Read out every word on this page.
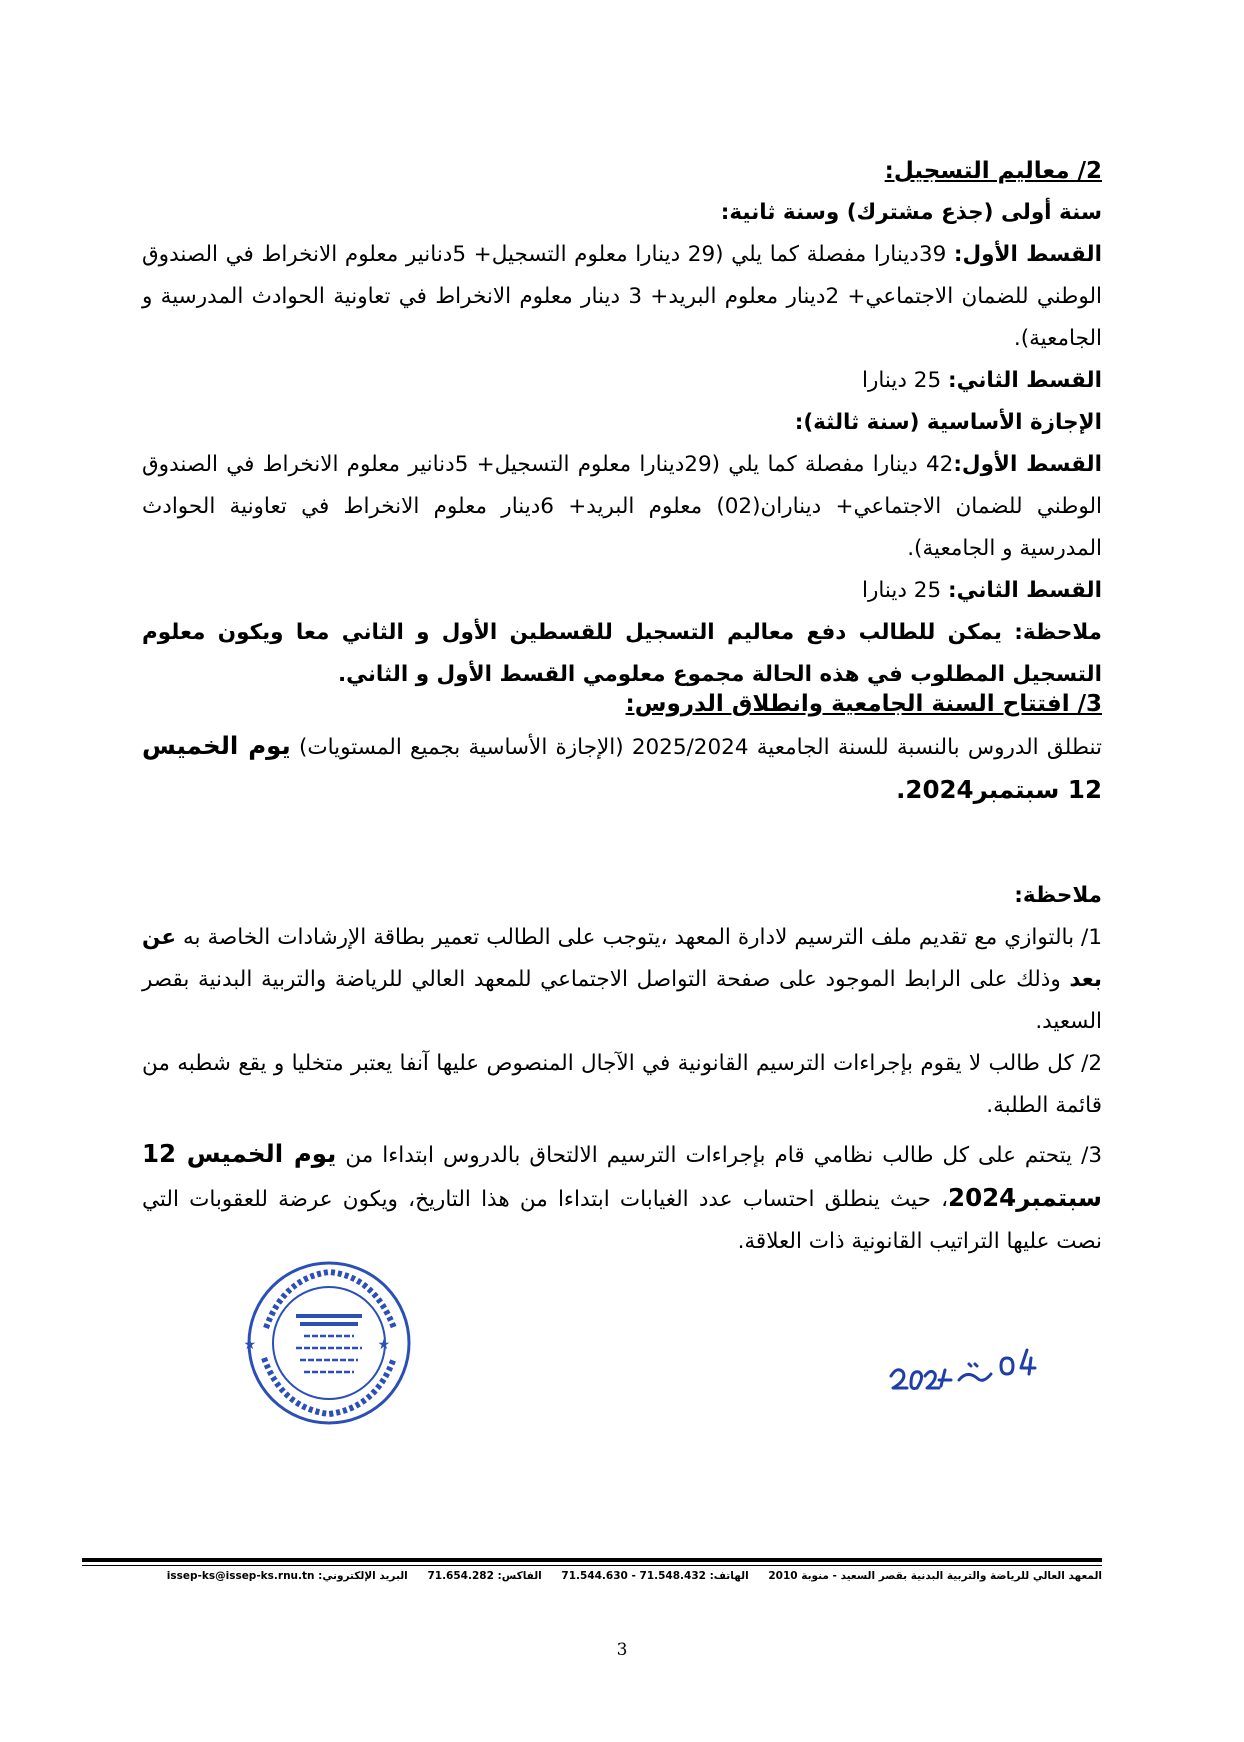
2/ معاليم التسجيل:

سنة أولى (جذع مشترك) وسنة ثانية:

القسط الأول: 39دينارا مفصلة كما يلي (29 دينارا معلوم التسجيل+ 5دنانير معلوم الانخراط في الصندوق الوطني للضمان الاجتماعي+ 2دينار معلوم البريد+ 3 دينار معلوم الانخراط في تعاونية الحوادث المدرسية و الجامعية).

القسط الثاني: 25 دينارا

الإجازة الأساسية (سنة ثالثة):

القسط الأول:42 دينارا مفصلة كما يلي (29دينارا معلوم التسجيل+ 5دنانير معلوم الانخراط في الصندوق الوطني للضمان الاجتماعي+ ديناران(02) معلوم البريد+ 6دينار معلوم الانخراط في تعاونية الحوادث المدرسية و الجامعية).

القسط الثاني: 25 دينارا

ملاحظة: يمكن للطالب دفع معاليم التسجيل للقسطين الأول و الثاني معا ويكون معلوم التسجيل المطلوب في هذه الحالة مجموع معلومي القسط الأول و الثاني.

3/ افتتاح السنة الجامعية وانطلاق الدروس:

تنطلق الدروس بالنسبة للسنة الجامعية 2025/2024 (الإجازة الأساسية بجميع المستويات) يوم الخميس 12 سبتمبر2024.

ملاحظة:

1/ بالتوازي مع تقديم ملف الترسيم لادارة المعهد ،يتوجب على الطالب تعمير بطاقة الإرشادات الخاصة به عن بعد وذلك على الرابط الموجود على صفحة التواصل الاجتماعي للمعهد العالي للرياضة والتربية البدنية بقصر السعيد.

2/ كل طالب لا يقوم بإجراءات الترسيم القانونية في الآجال المنصوص عليها آنفا يعتبر متخليا و يقع شطبه من قائمة الطلبة.

3/ يتحتم على كل طالب نظامي قام بإجراءات الترسيم الالتحاق بالدروس ابتداءا من يوم الخميس 12 سبتمبر2024، حيث ينطلق احتساب عدد الغيابات ابتداءا من هذا التاريخ، ويكون عرضة للعقوبات التي نصت عليها التراتيب القانونية ذات العلاقة.

★	★
المعهد العالي للرياضة والتربية البدنية بقصر السعيد - منوبة 2010 الهاتف: 71.548.432 - 71.544.630 الفاكس: 71.654.282 البريد الإلكتروني: issep-ks@issep-ks.rnu.tn
3
